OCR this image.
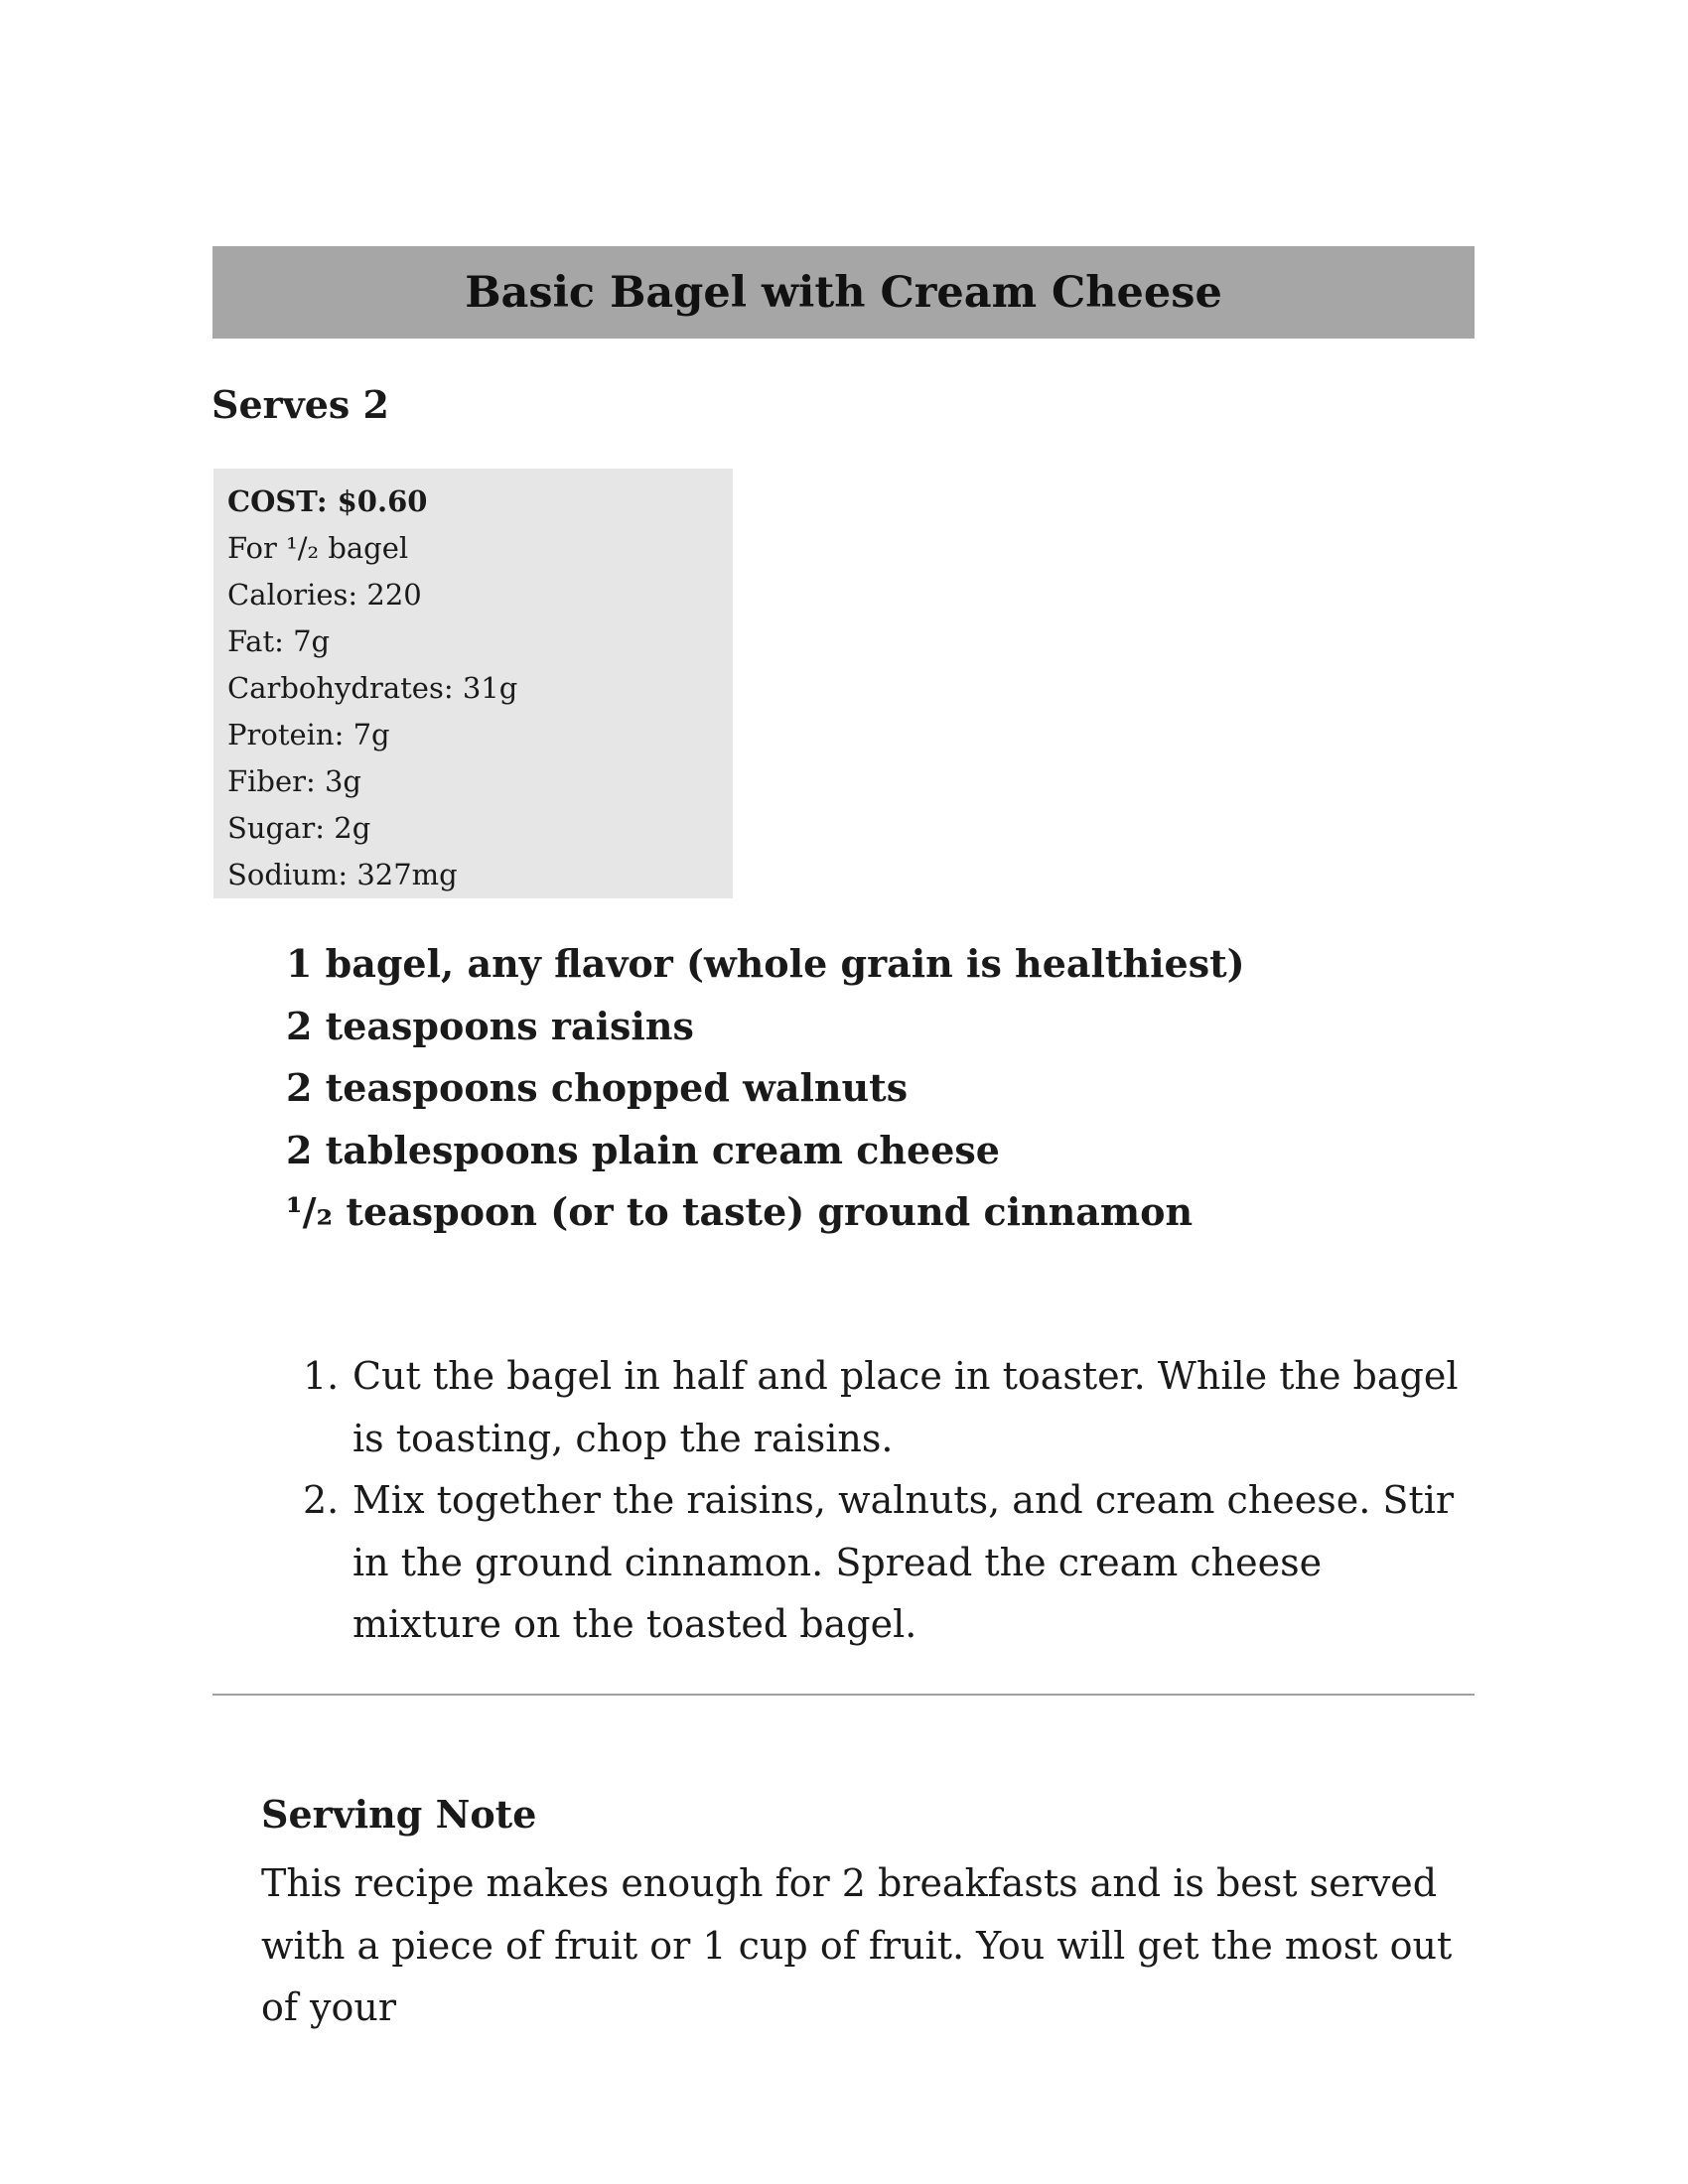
Basic Bagel with Cream Cheese
Serves 2
COST: $0.60
For ¹/₂ bagel
Calories: 220
Fat: 7g
Carbohydrates: 31g
Protein: 7g
Fiber: 3g
Sugar: 2g
Sodium: 327mg
1 bagel, any flavor (whole grain is healthiest)
2 teaspoons raisins
2 teaspoons chopped walnuts
2 tablespoons plain cream cheese
¹/₂ teaspoon (or to taste) ground cinnamon
1. Cut the bagel in half and place in toaster. While the bagel is toasting, chop the raisins.
2. Mix together the raisins, walnuts, and cream cheese. Stir in the ground cinnamon. Spread the cream cheese mixture on the toasted bagel.
Serving Note

This recipe makes enough for 2 breakfasts and is best served with a piece of fruit or 1 cup of fruit. You will get the most out of your
